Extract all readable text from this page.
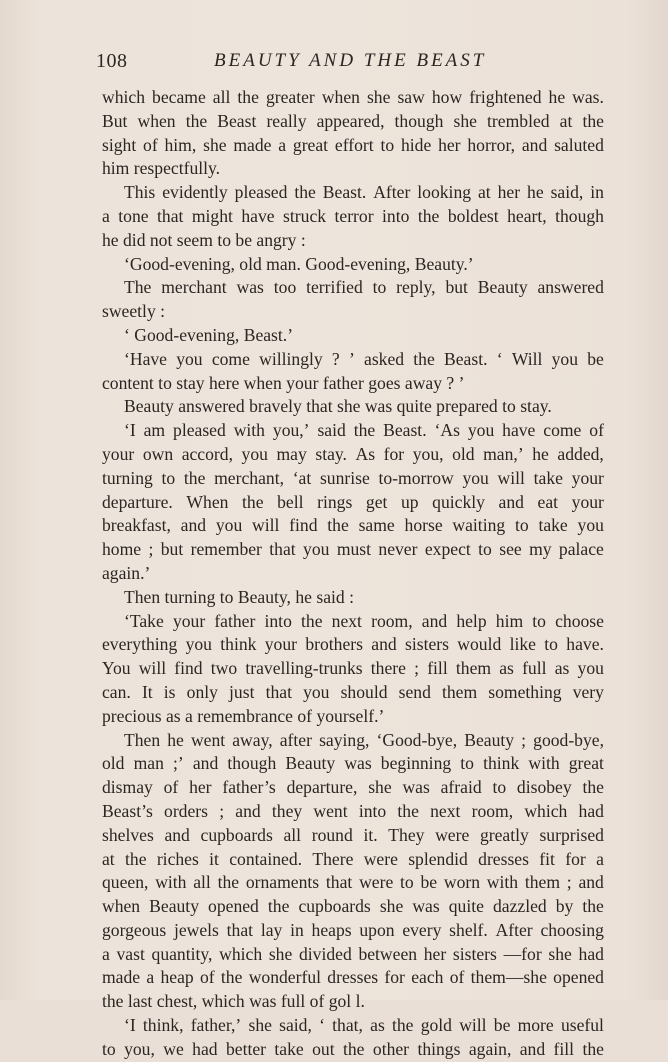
108	BEAUTY AND THE BEAST
which became all the greater when she saw how frightened he was.
But when the Beast really appeared, though she trembled at the
sight of him, she made a great effort to hide her horror, and saluted
him respectfully.
This evidently pleased the Beast. After looking at her he said, in
a tone that might have struck terror into the boldest heart, though
he did not seem to be angry :
‘Good-evening, old man. Good-evening, Beauty.’
The merchant was too terrified to reply, but Beauty answered
sweetly :
‘ Good-evening, Beast.’
‘Have you come willingly ? ’ asked the Beast. ‘ Will you be
content to stay here when your father goes away ? ’
Beauty answered bravely that she was quite prepared to stay.
‘I am pleased with you,’ said the Beast. ‘As you have come of
your own accord, you may stay. As for you, old man,’ he added,
turning to the merchant, ‘at sunrise to-morrow you will take your
departure. When the bell rings get up quickly and eat your
breakfast, and you will find the same horse waiting to take you
home ; but remember that you must never expect to see my palace
again.’
Then turning to Beauty, he said :
‘Take your father into the next room, and help him to choose
everything you think your brothers and sisters would like to have.
You will find two travelling-trunks there ; fill them as full as you
can. It is only just that you should send them something very
precious as a remembrance of yourself.’
Then he went away, after saying, ‘Good-bye, Beauty ; good-bye,
old man ;’ and though Beauty was beginning to think with great
dismay of her father’s departure, she was afraid to disobey the
Beast’s orders ; and they went into the next room, which had
shelves and cupboards all round it. They were greatly surprised
at the riches it contained. There were splendid dresses fit for a
queen, with all the ornaments that were to be worn with them ; and
when Beauty opened the cupboards she was quite dazzled by the
gorgeous jewels that lay in heaps upon every shelf. After choosing
a vast quantity, which she divided between her sisters —for she had
made a heap of the wonderful dresses for each of them—she opened
the last chest, which was full of gol l.
‘I think, father,’ she said, ‘ that, as the gold will be more useful
to you, we had better take out the other things again, and fill the
